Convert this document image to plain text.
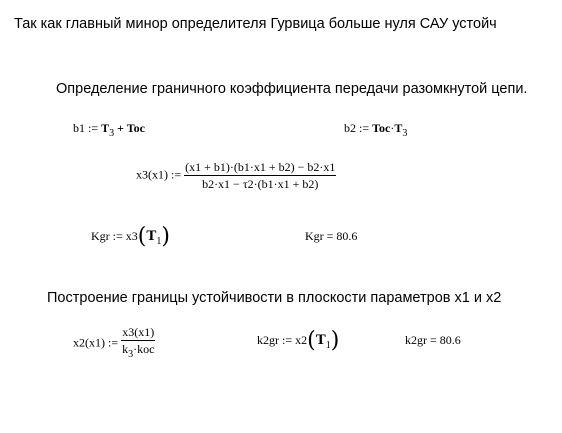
Так как главный минор определителя Гурвица больше нуля САУ устойч
Определение граничного коэффициента передачи разомкнутой цепи.
b1 := $T_3$ + Toc	b2 := $Toc\cdot T_3$
x3(x1) := $\frac{(x1 + b1)\cdot(b1\cdot x1 + b2) - b2\cdot x1}{b2\cdot x1 - \tau 2\cdot(b1\cdot x1 + b2)}$
Kgr := $x3(T_1)$	Kgr = 80.6
Построение границы устойчивости в плоскости параметров x1 и x2
x2(x1) := $\frac{x3(x1)}{k_3\cdot koc}$	k2gr := $x2(T_1)$	k2gr = 80.6
